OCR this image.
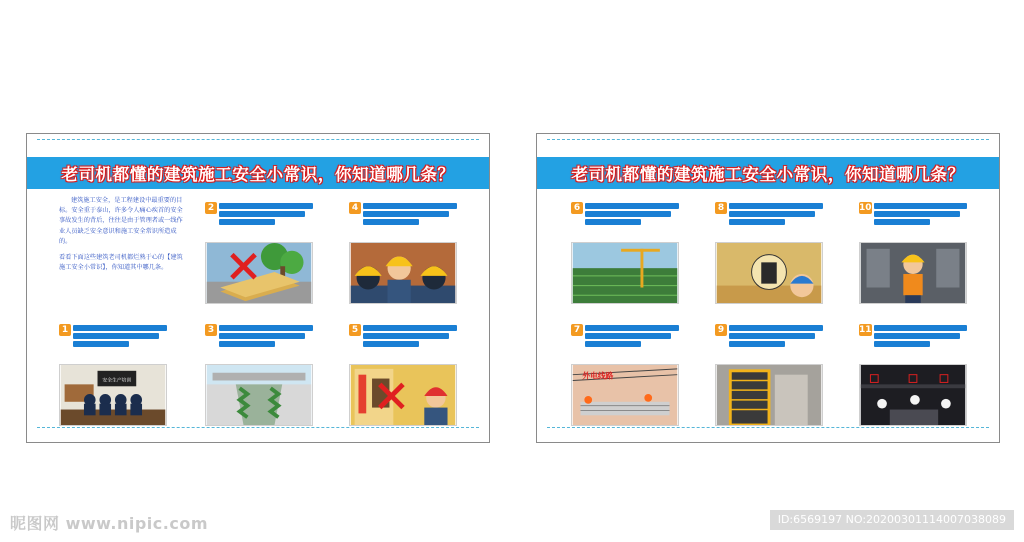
老司机都懂的建筑施工安全小常识，你知道哪几条？

建筑施工安全，是工程建设中最重要的目标。安全重于泰山，许多令人痛心疾首的安全事故发生的背后，往往是由于管理者或一线作业人员缺乏安全意识和施工安全常识所造成的。

看看下面这些建筑老司机都烂熟于心的【建筑施工安全小常识】，你知道其中哪几条。

2	4
1
安全生产培训
3	5
老司机都懂的建筑施工安全小常识，你知道哪几条？
6	8	10
7
外电线路
9	11
昵图网 www.nipic.com	ID:6569197 NO:20200301114007038089
